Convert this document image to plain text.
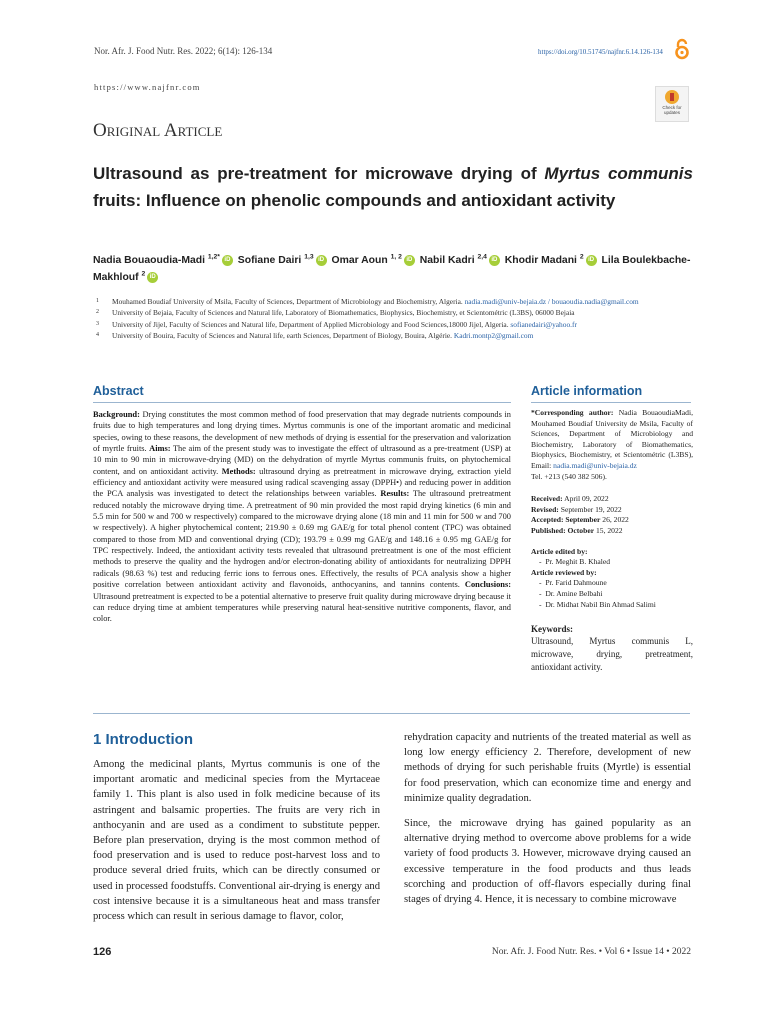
Nor. Afr. J. Food Nutr. Res. 2022; 6(14): 126-134	https://doi.org/10.51745/najfnr.6.14.126-134
https://www.najfnr.com
Check for
updates
Original Article
Ultrasound as pre-treatment for microwave drying of Myrtus communis fruits: Influence on phenolic compounds and antioxidant activity
Nadia Bouaoudia-Madi $^{1,2*}$ iD Sofiane Dairi $^{1,3}$ iD Omar Aoun $^{1, 2}$ iD Nabil Kadri $^{2,4}$ iD Khodir Madani $^2$ iD Lila Boulekbache-Makhlouf $^2$ iD
1 Mouhamed Boudiaf University of Msila, Faculty of Sciences, Department of Microbiology and Biochemistry, Algeria. nadia.madi@univ-bejaia.dz / bouaoudia.nadia@gmail.com
2 University of Bejaia, Faculty of Sciences and Natural life, Laboratory of Biomathematics, Biophysics, Biochemistry, et Scientométric (L3BS), 06000 Bejaia
3 University of Jijel, Faculty of Sciences and Natural life, Department of Applied Microbiology and Food Sciences,18000 Jijel, Algeria. sofianedairi@yahoo.fr
4 University of Bouira, Faculty of Sciences and Natural life, earth Sciences, Department of Biology, Bouira, Algérie. Kadri.montp2@gmail.com
Abstract

Background: Drying constitutes the most common method of food preservation that may degrade nutrients compounds in fruits due to high temperatures and long drying times. Myrtus communis is one of the important aromatic and medicinal species, owing to these reasons, the development of new methods of drying is essential for the preservation and valorization of myrtle fruits. Aims: The aim of the present study was to investigate the effect of ultrasound as a pre-treatment (USP) at 10 min to 90 min in microwave-drying (MD) on the dehydration of myrtle Myrtus communis fruits, on phytochemical content, and on antioxidant activity. Methods: ultrasound drying as pretreatment in microwave drying, extraction yield efficiency and antioxidant activity were measured using radical scavenging assay (DPPH•) and reducing power in addition the PCA analysis was investigated to detect the relationships between variables. Results: The ultrasound pretreatment reduced notably the microwave drying time. A pretreatment of 90 min provided the most rapid drying kinetics (6 min and 5.5 min for 500 w and 700 w respectively) compared to the microwave drying alone (18 min and 11 min for 500 w and 700 w respectively). A higher phytochemical content; 219.90 ± 0.69 mg GAE/g for total phenol content (TPC) was obtained compared to those from MD and conventional drying (CD); 193.79 ± 0.99 mg GAE/g and 148.16 ± 0.95 mg GAE/g for TPC respectively. Indeed, the antioxidant activity tests revealed that ultrasound pretreatment is one of the most efficient methods to preserve the quality and the hydrogen and/or electron-donating ability of antioxidants for neutralizing DPPH radicals (98.63 %) test and reducing ferric ions to ferrous ones. Effectively, the results of PCA analysis show a higher positive correlation between antioxidant activity and flavonoids, anthocyanins, and tannins contents. Conclusions: Ultrasound pretreatment is expected to be a potential alternative to preserve fruit quality during microwave drying because it can reduce drying time at ambient temperatures while preserving natural heat-sensitive nutritive components, flavor, and color.

Article information
*Corresponding author: Nadia BouaoudiaMadi, Mouhamed Boudiaf University de Msila, Faculty of Sciences, Department of Microbiology and Biochemistry, Laboratory of Biomathematics, Biophysics, Biochemistry, et Scientométric (L3BS), Email: nadia.madi@univ-bejaia.dz
Tel. +213 (540 382 506).
Received: April 09, 2022
Revised: September 19, 2022
Accepted: September 26, 2022
Published: October 15, 2022
Article edited by:
-  Pr. Meghit B. Khaled
Article reviewed by:
-  Pr. Farid Dahmoune
-  Dr. Amine Belbahi
-  Dr. Midhat Nabil Bin Ahmad Salimi
Keywords:
Ultrasound, Myrtus communis L, microwave, drying, pretreatment, antioxidant activity.
1 Introduction

Among the medicinal plants, Myrtus communis is one of the important aromatic and medicinal species from the Myrtaceae family 1. This plant is also used in folk medicine because of its astringent and balsamic properties. The fruits are very rich in anthocyanin and are used as a condiment to substitute pepper. Before plan preservation, drying is the most common method of food preservation and is used to reduce post-harvest loss and to produce several dried fruits, which can be directly consumed or used in processed foodstuffs. Conventional air-drying is energy and cost intensive because it is a simultaneous heat and mass transfer process which can result in serious damage to flavor, color,

rehydration capacity and nutrients of the treated material as well as long low energy efficiency 2. Therefore, development of new methods of drying for such perishable fruits (Myrtle) is essential for food preservation, which can economize time and energy and minimize quality degradation.

Since, the microwave drying has gained popularity as an alternative drying method to overcome above problems for a wide variety of food products 3. However, microwave drying caused an excessive temperature in the food products and thus leads scorching and production of off-flavors especially during final stages of drying 4. Hence, it is necessary to combine microwave

126	Nor. Afr. J. Food Nutr. Res. • Vol 6 • Issue 14 • 2022
